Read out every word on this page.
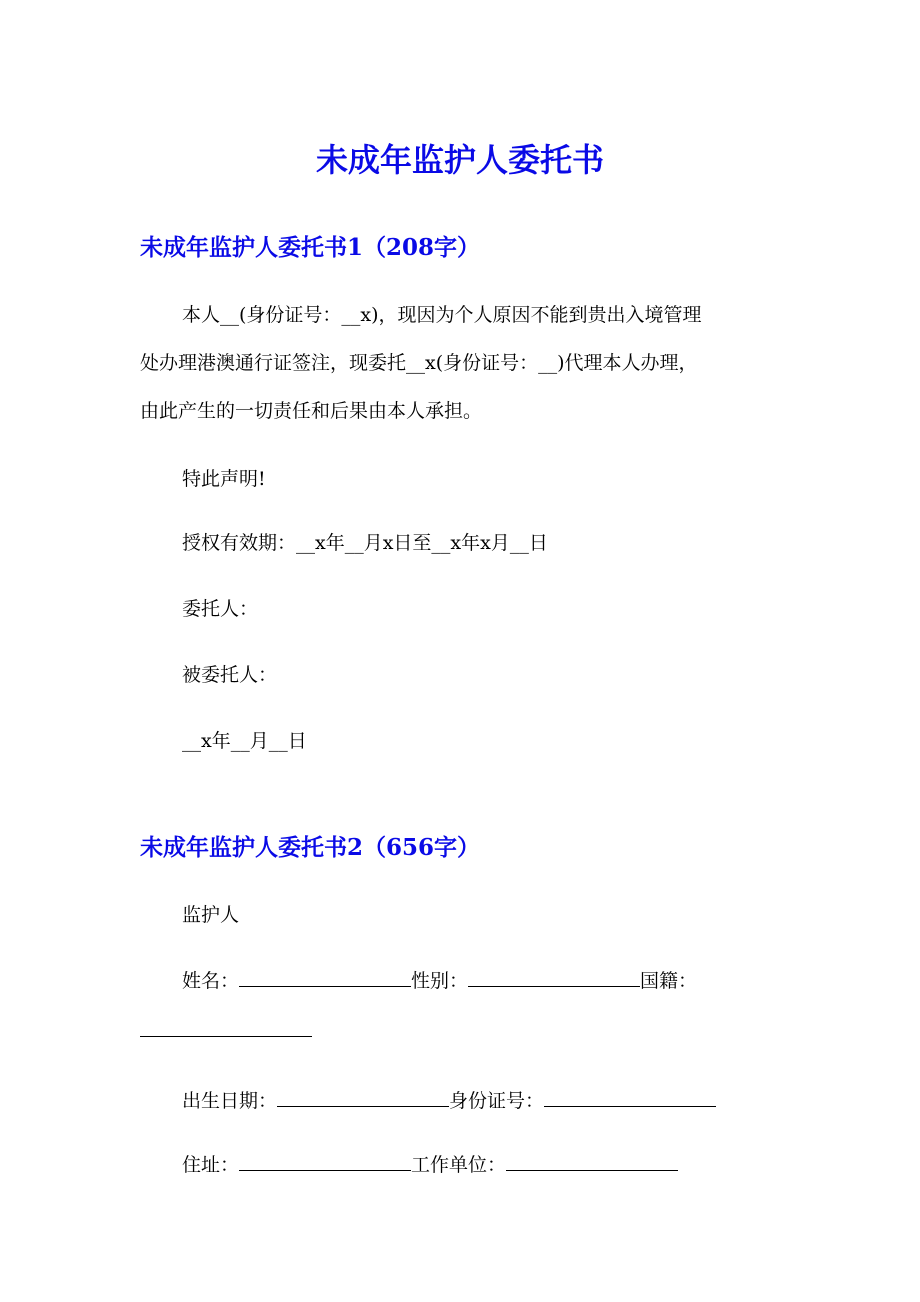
未成年监护人委托书
未成年监护人委托书1（208字）

本人__(身份证号：__x)，现因为个人原因不能到贵出入境管理

处办理港澳通行证签注，现委托__x(身份证号：__)代理本人办理，

由此产生的一切责任和后果由本人承担。

特此声明!

授权有效期：__x年__月x日至__x年x月__日

委托人：

被委托人：

__x年__月__日

未成年监护人委托书2（656字）

监护人

姓名：	性别：	国籍：

出生日期：	身份证号：

住址：	工作单位：
